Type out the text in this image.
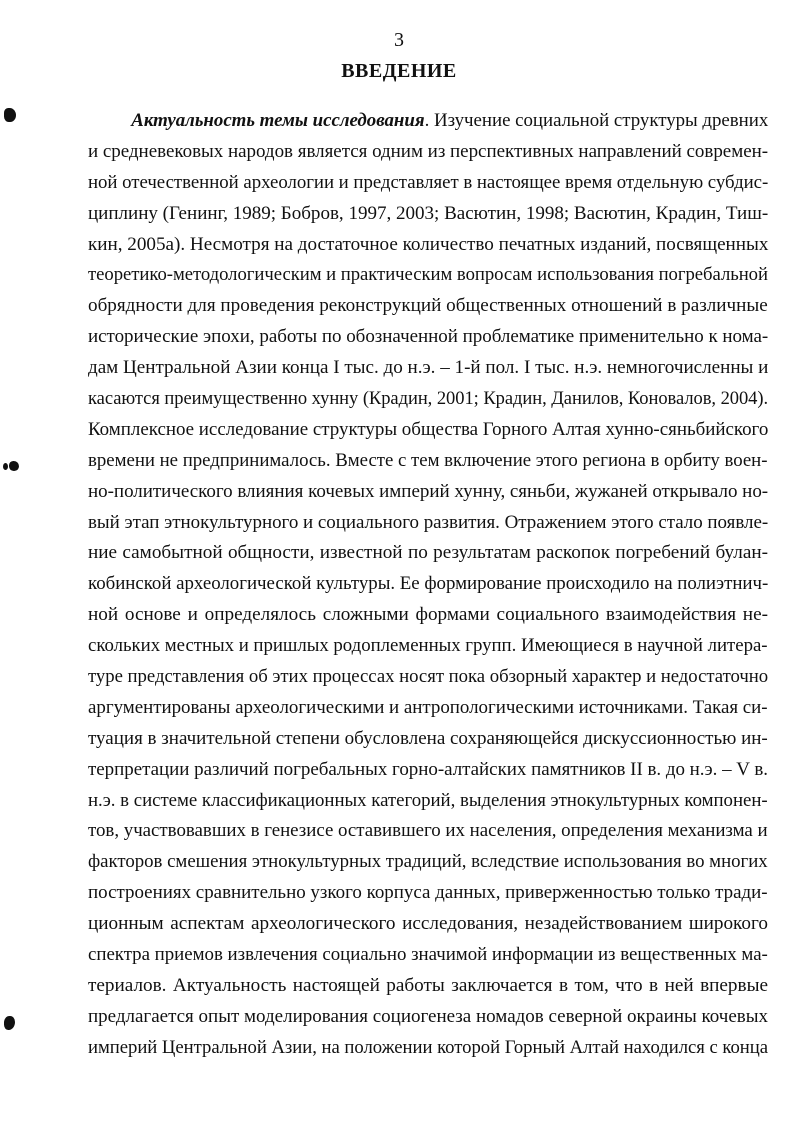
3
ВВЕДЕНИЕ
Актуальность темы исследования. Изучение социальной структуры древних
и средневековых народов является одним из перспективных направлений современ-
ной отечественной археологии и представляет в настоящее время отдельную субдис-
циплину (Генинг, 1989; Бобров, 1997, 2003; Васютин, 1998; Васютин, Крадин, Тиш-
кин, 2005а). Несмотря на достаточное количество печатных изданий, посвященных
теоретико-методологическим и практическим вопросам использования погребальной
обрядности для проведения реконструкций общественных отношений в различные
исторические эпохи, работы по обозначенной проблематике применительно к нома-
дам Центральной Азии конца I тыс. до н.э. – 1-й пол. I тыс. н.э. немногочисленны и
касаются преимущественно хунну (Крадин, 2001; Крадин, Данилов, Коновалов, 2004).
Комплексное исследование структуры общества Горного Алтая хунно-сяньбийского
времени не предпринималось. Вместе с тем включение этого региона в орбиту воен-
но-политического влияния кочевых империй хунну, сяньби, жужаней открывало но-
вый этап этнокультурного и социального развития. Отражением этого стало появле-
ние самобытной общности, известной по результатам раскопок погребений булан-
кобинской археологической культуры. Ее формирование происходило на полиэтнич-
ной основе и определялось сложными формами социального взаимодействия не-
скольких местных и пришлых родоплеменных групп. Имеющиеся в научной литера-
туре представления об этих процессах носят пока обзорный характер и недостаточно
аргументированы археологическими и антропологическими источниками. Такая си-
туация в значительной степени обусловлена сохраняющейся дискуссионностью ин-
терпретации различий погребальных горно-алтайских памятников II в. до н.э. – V в.
н.э. в системе классификационных категорий, выделения этнокультурных компонен-
тов, участвовавших в генезисе оставившего их населения, определения механизма и
факторов смешения этнокультурных традиций, вследствие использования во многих
построениях сравнительно узкого корпуса данных, приверженностью только тради-
ционным аспектам археологического исследования, незадействованием широкого
спектра приемов извлечения социально значимой информации из вещественных ма-
териалов. Актуальность настоящей работы заключается в том, что в ней впервые
предлагается опыт моделирования социогенеза номадов северной окраины кочевых
империй Центральной Азии, на положении которой Горный Алтай находился с конца
